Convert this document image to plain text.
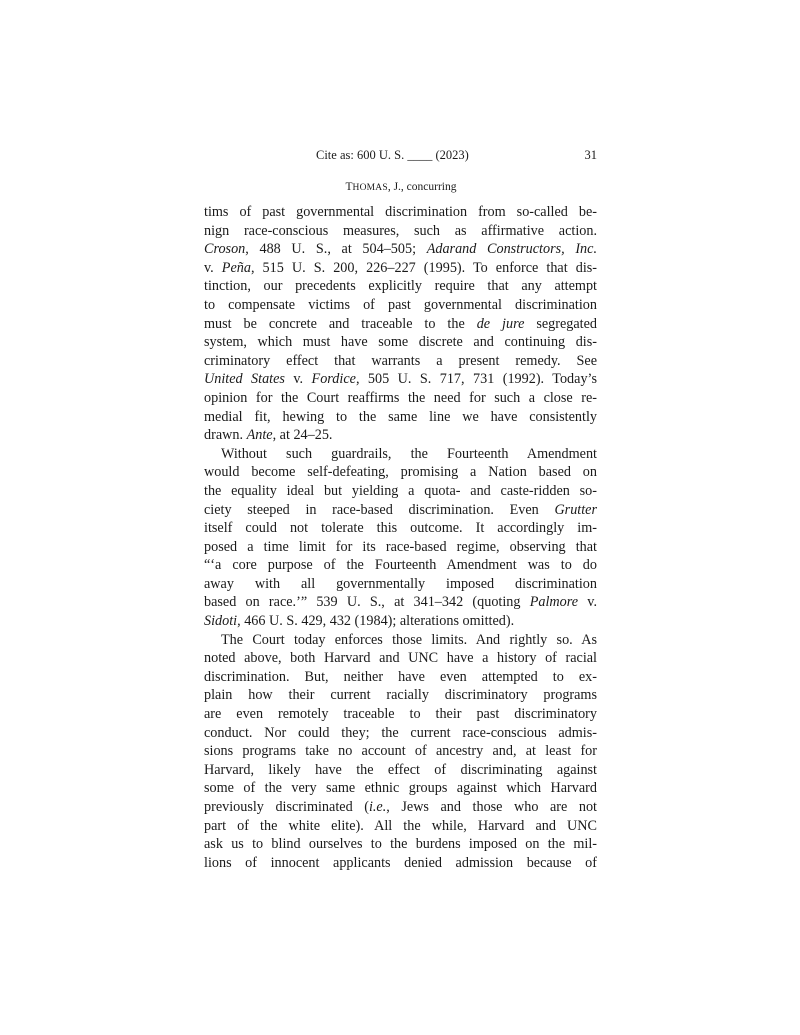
Cite as: 600 U. S. ____ (2023)	31
THOMAS, J., concurring
tims of past governmental discrimination from so-called be-
nign race-conscious measures, such as affirmative action.
Croson, 488 U. S., at 504–505; Adarand Constructors, Inc.
v. Peña, 515 U. S. 200, 226–227 (1995). To enforce that dis-
tinction, our precedents explicitly require that any attempt
to compensate victims of past governmental discrimination
must be concrete and traceable to the de jure segregated
system, which must have some discrete and continuing dis-
criminatory effect that warrants a present remedy. See
United States v. Fordice, 505 U. S. 717, 731 (1992). Today’s
opinion for the Court reaffirms the need for such a close re-
medial fit, hewing to the same line we have consistently
drawn. Ante, at 24–25.
Without such guardrails, the Fourteenth Amendment
would become self-defeating, promising a Nation based on
the equality ideal but yielding a quota- and caste-ridden so-
ciety steeped in race-based discrimination. Even Grutter
itself could not tolerate this outcome. It accordingly im-
posed a time limit for its race-based regime, observing that
“‘a core purpose of the Fourteenth Amendment was to do
away with all governmentally imposed discrimination
based on race.’” 539 U. S., at 341–342 (quoting Palmore v.
Sidoti, 466 U. S. 429, 432 (1984); alterations omitted).
The Court today enforces those limits. And rightly so. As
noted above, both Harvard and UNC have a history of racial
discrimination. But, neither have even attempted to ex-
plain how their current racially discriminatory programs
are even remotely traceable to their past discriminatory
conduct. Nor could they; the current race-conscious admis-
sions programs take no account of ancestry and, at least for
Harvard, likely have the effect of discriminating against
some of the very same ethnic groups against which Harvard
previously discriminated (i.e., Jews and those who are not
part of the white elite). All the while, Harvard and UNC
ask us to blind ourselves to the burdens imposed on the mil-
lions of innocent applicants denied admission because of
